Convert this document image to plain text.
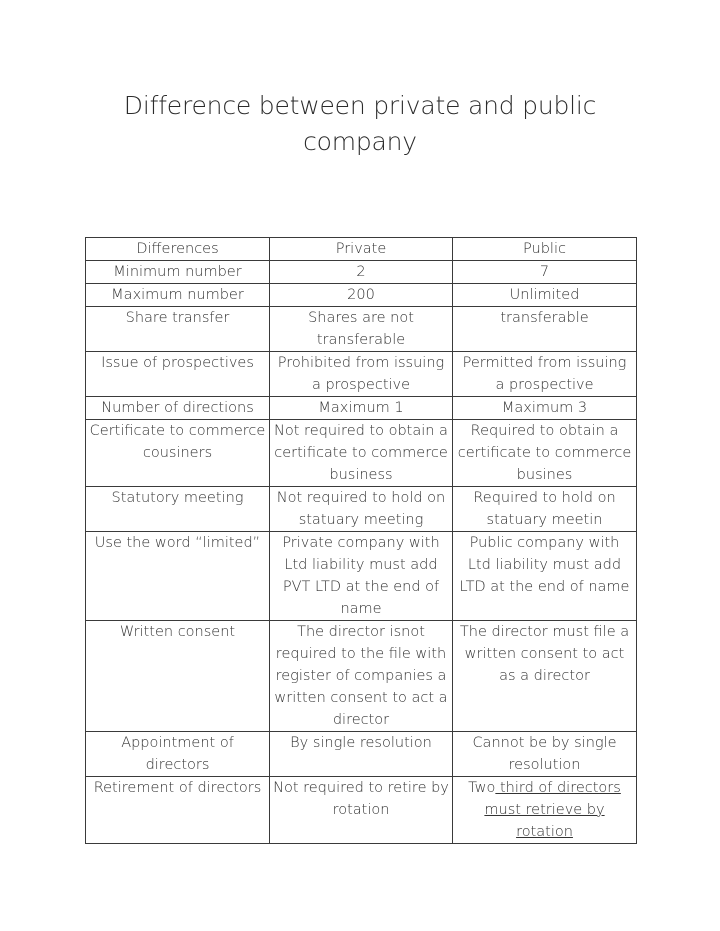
Difference between private and public
company
Differences	Private	Public
Minimum number	2	7
Maximum number	200	Unlimited
Share transfer	Shares are not transferable	transferable
Issue of prospectives	Prohibited from issuing a prospective	Permitted from issuing a prospective
Number of directions	Maximum 1	Maximum 3
Certificate to commerce cousiners	Not required to obtain a certificate to commerce business	Required to obtain a certificate to commerce busines
Statutory meeting	Not required to hold on statuary meeting	Required to hold on statuary meetin
Use the word “limited”	Private company with Ltd liability must add PVT LTD at the end of name	Public company with Ltd liability must add LTD at the end of name
Written consent	The director isnot required to the file with register of companies a written consent to act a director	The director must file a written consent to act as a director
Appointment of directors	By single resolution	Cannot be by single resolution
Retirement of directors	Not required to retire by rotation	Two third of directors must retrieve by rotation
